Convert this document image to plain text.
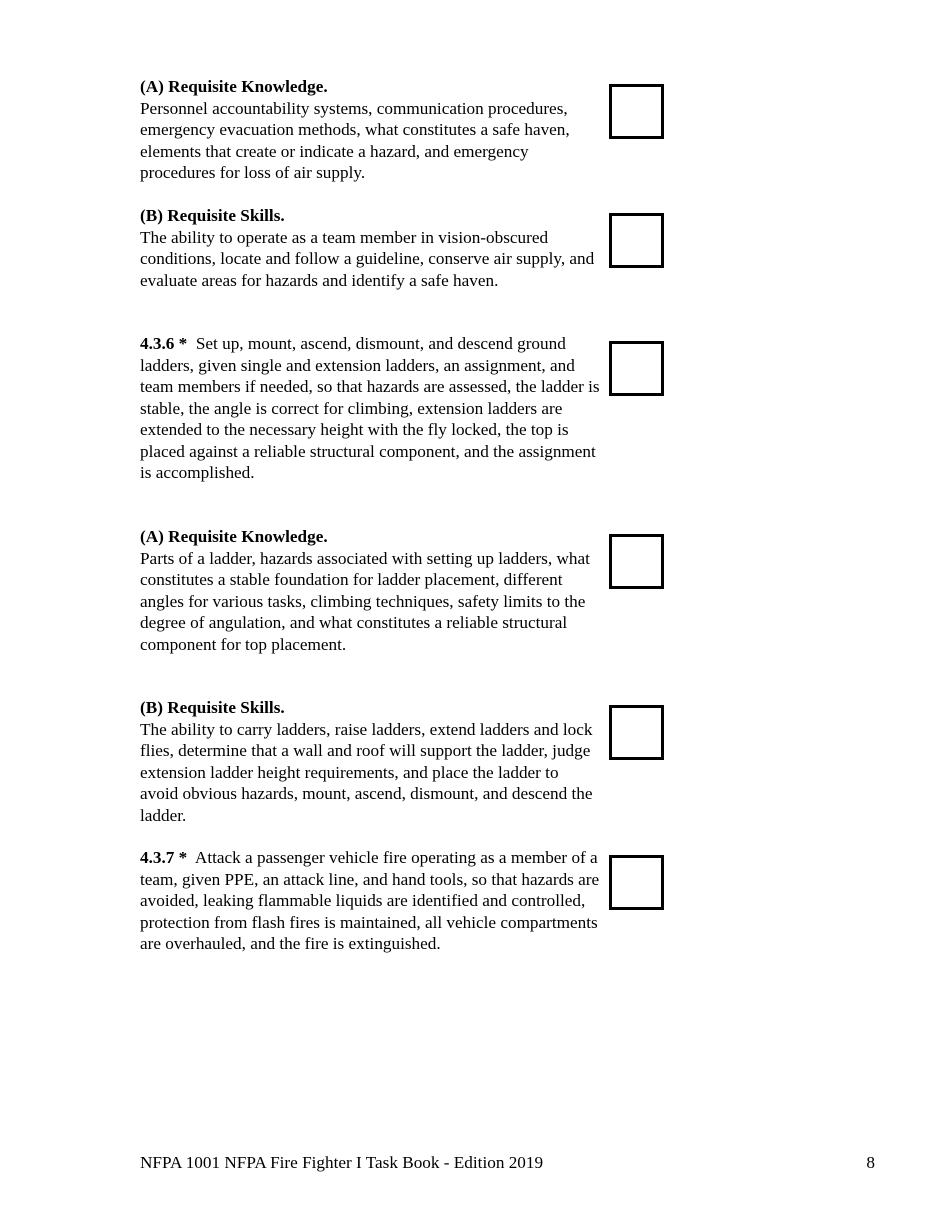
(A) Requisite Knowledge.
Personnel accountability systems, communication procedures, emergency evacuation methods, what constitutes a safe haven, elements that create or indicate a hazard, and emergency procedures for loss of air supply.
(B) Requisite Skills.
The ability to operate as a team member in vision-obscured conditions, locate and follow a guideline, conserve air supply, and evaluate areas for hazards and identify a safe haven.
4.3.6 * Set up, mount, ascend, dismount, and descend ground ladders, given single and extension ladders, an assignment, and team members if needed, so that hazards are assessed, the ladder is stable, the angle is correct for climbing, extension ladders are extended to the necessary height with the fly locked, the top is placed against a reliable structural component, and the assignment is accomplished.
(A) Requisite Knowledge.
Parts of a ladder, hazards associated with setting up ladders, what constitutes a stable foundation for ladder placement, different angles for various tasks, climbing techniques, safety limits to the degree of angulation, and what constitutes a reliable structural component for top placement.
(B) Requisite Skills.
The ability to carry ladders, raise ladders, extend ladders and lock flies, determine that a wall and roof will support the ladder, judge extension ladder height requirements, and place the ladder to avoid obvious hazards, mount, ascend, dismount, and descend the ladder.
4.3.7 * Attack a passenger vehicle fire operating as a member of a team, given PPE, an attack line, and hand tools, so that hazards are avoided, leaking flammable liquids are identified and controlled, protection from flash fires is maintained, all vehicle compartments are overhauled, and the fire is extinguished.
NFPA 1001 NFPA Fire Fighter I Task Book - Edition 2019	8
